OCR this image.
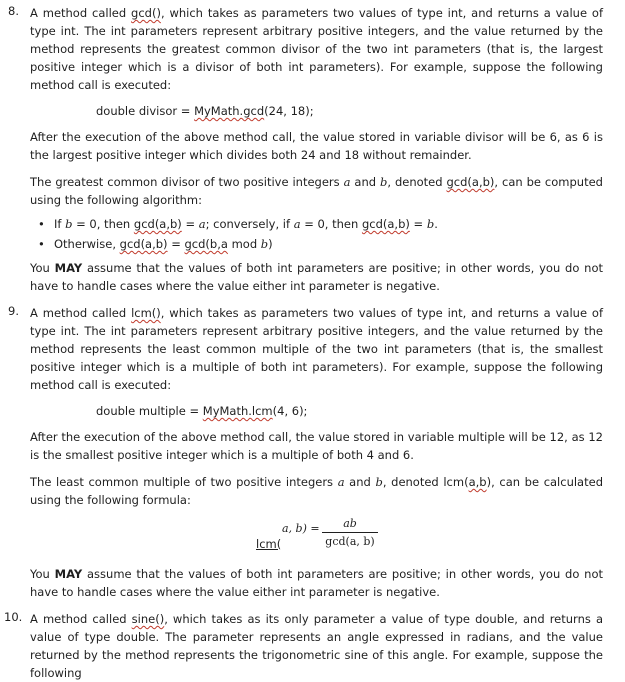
8. A method called gcd(), which takes as parameters two values of type int, and returns a value of type int. The int parameters represent arbitrary positive integers, and the value returned by the method represents the greatest common divisor of the two int parameters (that is, the largest positive integer which is a divisor of both int parameters). For example, suppose the following method call is executed:

double divisor = MyMath.gcd(24, 18);

After the execution of the above method call, the value stored in variable divisor will be 6, as 6 is the largest positive integer which divides both 24 and 18 without remainder.

The greatest common divisor of two positive integers a and b, denoted gcd(a,b), can be computed using the following algorithm:

• If b = 0, then gcd(a,b) = a; conversely, if a = 0, then gcd(a,b) = b.
• Otherwise, gcd(a,b) = gcd(b,a mod b)

You MAY assume that the values of both int parameters are positive; in other words, you do not have to handle cases where the value either int parameter is negative.

9. A method called lcm(), which takes as parameters two values of type int, and returns a value of type int. The int parameters represent arbitrary positive integers, and the value returned by the method represents the least common multiple of the two int parameters (that is, the smallest positive integer which is a multiple of both int parameters). For example, suppose the following method call is executed:

double multiple = MyMath.lcm(4, 6);

After the execution of the above method call, the value stored in variable multiple will be 12, as 12 is the smallest positive integer which is a multiple of both 4 and 6.

The least common multiple of two positive integers a and b, denoted lcm(a,b), can be calculated using the following formula:

lcm(
a, b) =	ab
gcd(a, b)

You MAY assume that the values of both int parameters are positive; in other words, you do not have to handle cases where the value either int parameter is negative.

10. A method called sine(), which takes as its only parameter a value of type double, and returns a value of type double. The parameter represents an angle expressed in radians, and the value returned by the method represents the trigonometric sine of this angle. For example, suppose the following
